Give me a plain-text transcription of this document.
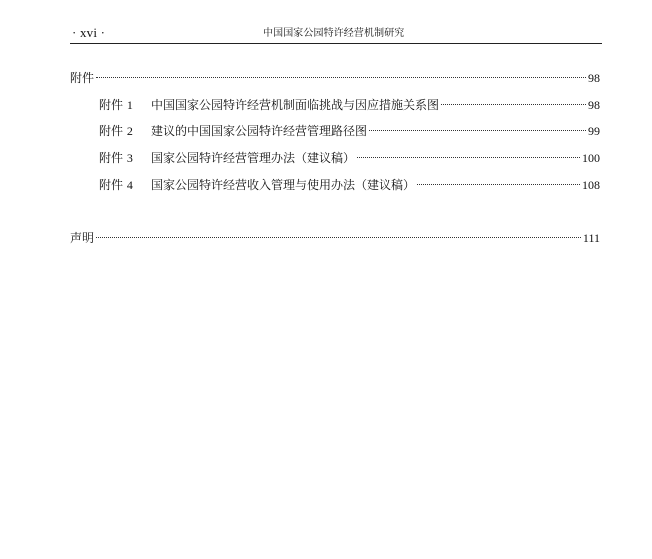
· xvi ·	中国国家公园特许经营机制研究
附件	98
附件 1	中国国家公园特许经营机制面临挑战与因应措施关系图	98
附件 2	建议的中国国家公园特许经营管理路径图	99
附件 3	国家公园特许经营管理办法（建议稿）	100
附件 4	国家公园特许经营收入管理与使用办法（建议稿）	108
声明	111
